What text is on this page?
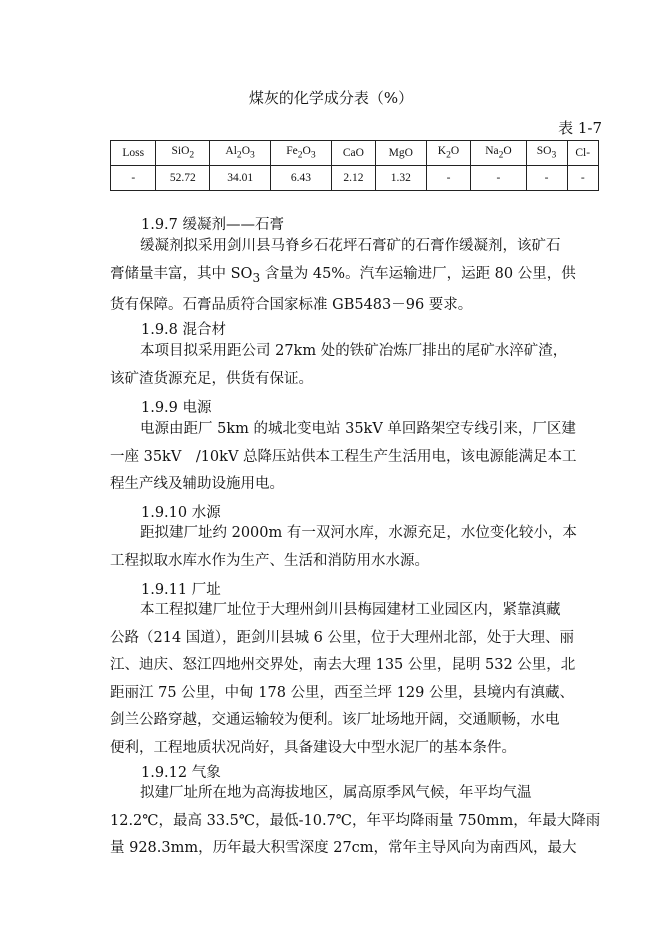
煤灰的化学成分表（%）
表 1-7
Loss	SiO$_2$	$Al_2O_3$	$Fe_2O_3$	CaO	MgO	$K_2O$	$Na_2O$	$SO_3$	Cl-
-	52.72	34.01	6.43	2.12	1.32	-	-	-	-
1.9.7 缓凝剂——石膏

缓凝剂拟采用剑川县马脊乡石花坪石膏矿的石膏作缓凝剂，该矿石

膏储量丰富，其中 $SO_3$ 含量为 45%。汽车运输进厂，运距 80 公里，供

货有保障。石膏品质符合国家标准 GB5483－96 要求。

1.9.8 混合材

本项目拟采用距公司 27km 处的铁矿冶炼厂排出的尾矿水淬矿渣，

该矿渣货源充足，供货有保证。

1.9.9 电源

电源由距厂 5km 的城北变电站 35kV 单回路架空专线引来，厂区建

一座 35kV　/10kV 总降压站供本工程生产生活用电，该电源能满足本工

程生产线及辅助设施用电。

1.9.10 水源

距拟建厂址约 2000m 有一双河水库，水源充足，水位变化较小，本

工程拟取水库水作为生产、生活和消防用水水源。

1.9.11 厂址

本工程拟建厂址位于大理州剑川县梅园建材工业园区内，紧靠滇藏

公路（214 国道），距剑川县城 6 公里，位于大理州北部，处于大理、丽

江、迪庆、怒江四地州交界处，南去大理 135 公里，昆明 532 公里，北

距丽江 75 公里，中甸 178 公里，西至兰坪 129 公里，县境内有滇藏、

剑兰公路穿越，交通运输较为便利。该厂址场地开阔，交通顺畅，水电

便利，工程地质状况尚好，具备建设大中型水泥厂的基本条件。

1.9.12 气象

拟建厂址所在地为高海拔地区，属高原季风气候，年平均气温

12.2℃，最高 33.5℃，最低-10.7℃，年平均降雨量 750mm，年最大降雨

量 928.3mm，历年最大积雪深度 27cm，常年主导风向为南西风，最大
